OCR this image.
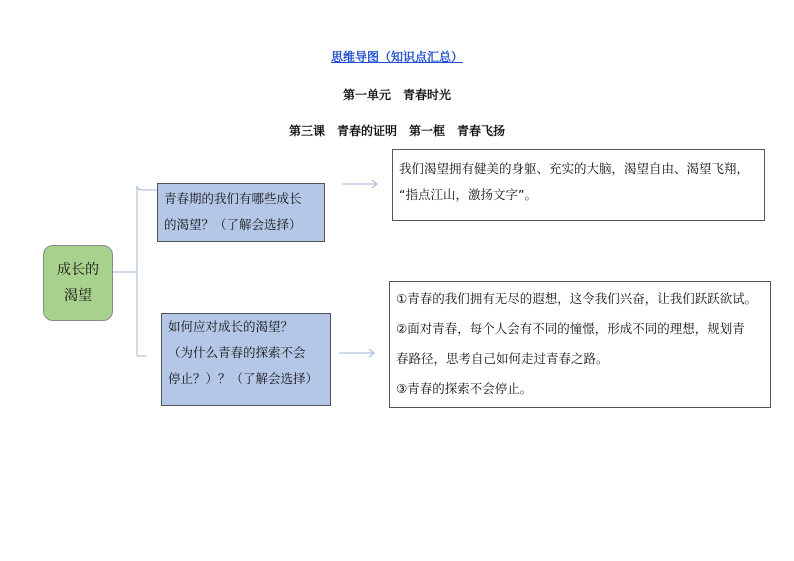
思维导图（知识点汇总）
第一单元　青春时光
第三课　青春的证明　第一框　青春飞扬
成长的
渴望
青春期的我们有哪些成长
的渴望？（了解会选择）
如何应对成长的渴望？
（为什么青春的探索不会
停止？）？（了解会选择）
我们渴望拥有健美的身躯、充实的大脑，渴望自由、渴望飞翔，
“指点江山，激扬文字”。
①青春的我们拥有无尽的遐想，这令我们兴奋，让我们跃跃欲试。
②面对青春，每个人会有不同的憧憬，形成不同的理想，规划青
春路径，思考自己如何走过青春之路。
③青春的探索不会停止。
